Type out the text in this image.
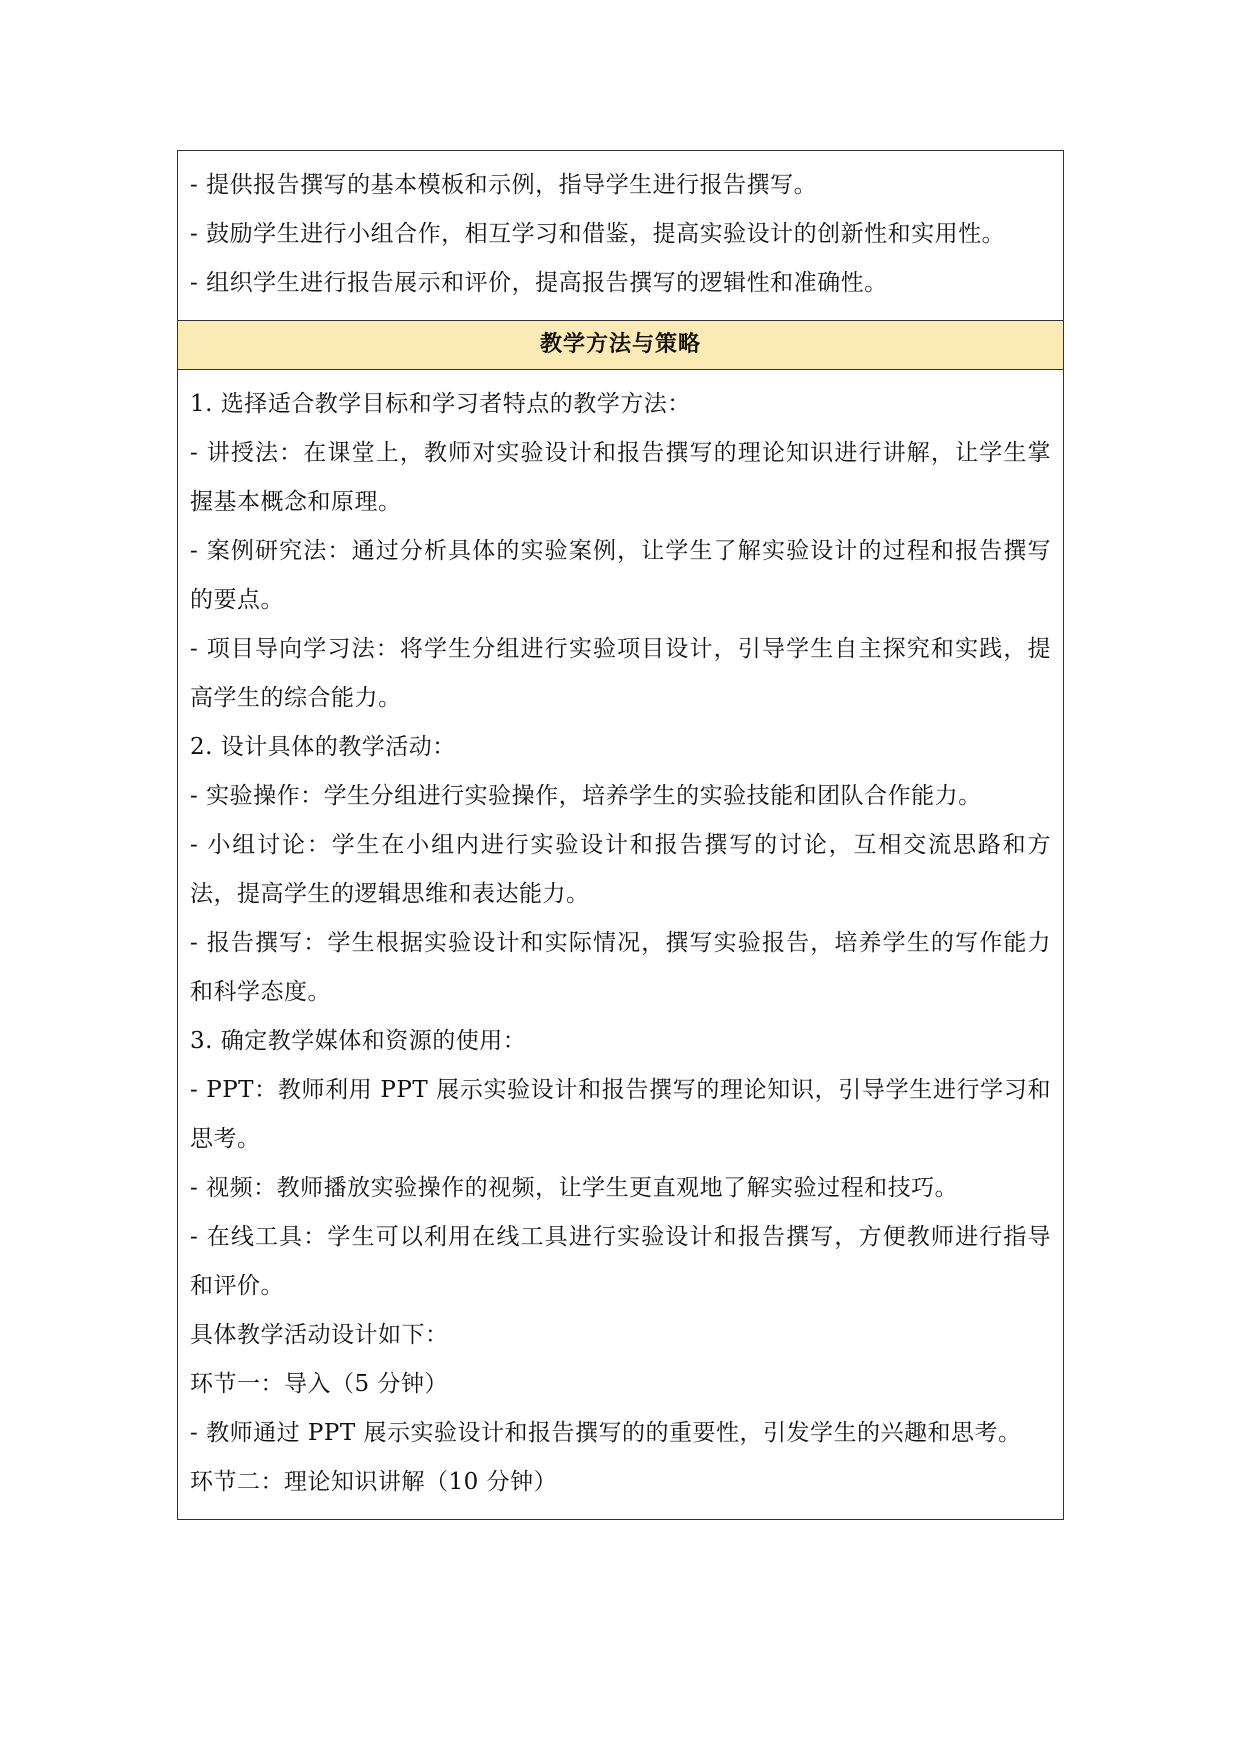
- 提供报告撰写的基本模板和示例，指导学生进行报告撰写。

- 鼓励学生进行小组合作，相互学习和借鉴，提高实验设计的创新性和实用性。

- 组织学生进行报告展示和评价，提高报告撰写的逻辑性和准确性。

教学方法与策略

1. 选择适合教学目标和学习者特点的教学方法：

- 讲授法：在课堂上，教师对实验设计和报告撰写的理论知识进行讲解，让学生掌握基本概念和原理。

- 案例研究法：通过分析具体的实验案例，让学生了解实验设计的过程和报告撰写的要点。

- 项目导向学习法：将学生分组进行实验项目设计，引导学生自主探究和实践，提高学生的综合能力。

2. 设计具体的教学活动：

- 实验操作：学生分组进行实验操作，培养学生的实验技能和团队合作能力。

- 小组讨论：学生在小组内进行实验设计和报告撰写的讨论，互相交流思路和方法，提高学生的逻辑思维和表达能力。

- 报告撰写：学生根据实验设计和实际情况，撰写实验报告，培养学生的写作能力和科学态度。

3. 确定教学媒体和资源的使用：

- PPT：教师利用 PPT 展示实验设计和报告撰写的理论知识，引导学生进行学习和思考。

- 视频：教师播放实验操作的视频，让学生更直观地了解实验过程和技巧。

- 在线工具：学生可以利用在线工具进行实验设计和报告撰写，方便教师进行指导和评价。

具体教学活动设计如下：

环节一：导入（5 分钟）

- 教师通过 PPT 展示实验设计和报告撰写的的重要性，引发学生的兴趣和思考。

环节二：理论知识讲解（10 分钟）
